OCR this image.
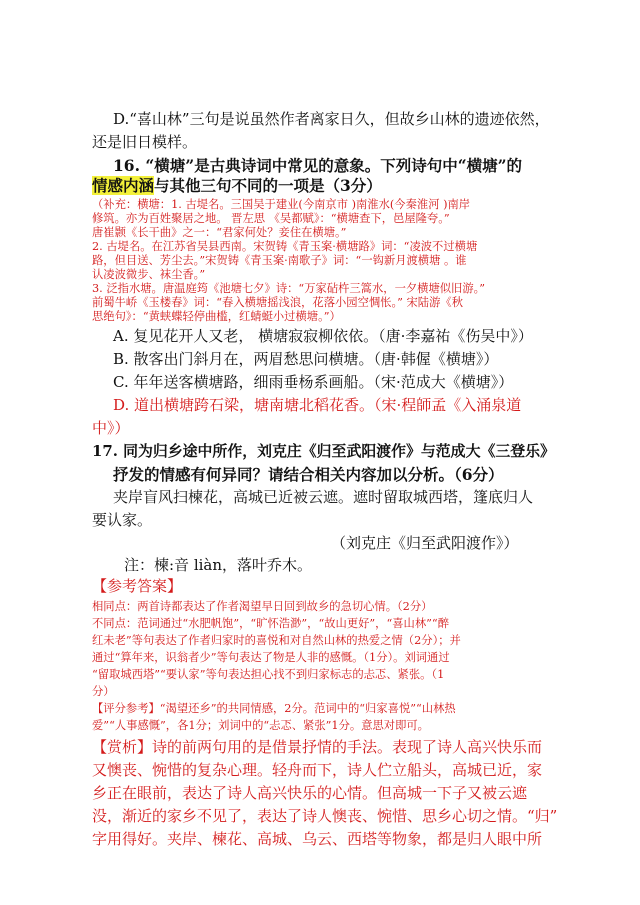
D.“喜山林”三句是说虽然作者离家日久，但故乡山林的遗迹依然，

还是旧日模样。

16. “横塘”是古典诗词中常见的意象。下列诗句中“横塘”的

情感内涵与其他三句不同的一项是（3分）

（补充：横塘：1. 古堤名。三国吴于建业(今南京市 )南淮水(今秦淮河 )南岸

修筑。亦为百姓聚居之地。 晋左思 《吴都赋》：“横塘查下，邑屋隆夸。”

唐崔颢《长干曲》之一：“君家何处？妾住在横塘。”

2. 古堤名。在江苏省吴县西南。宋贺铸《青玉案·横塘路》词：“凌波不过横塘

路，但目送、芳尘去。”宋贺铸《青玉案·南歌子》词：“一钩新月渡横塘 。谁

认凌波微步、袜尘香。”

3. 泛指水塘。唐温庭筠《池塘七夕》诗：“万家砧杵三篙水，一夕横塘似旧游。”

前蜀牛峤《玉楼春》词：“春入横塘摇浅浪，花落小园空惆怅。” 宋陆游《秋

思绝句》：“黄蛱蝶轻停曲槛，红蜻蜓小过横塘。”）

A. 复见花开人又老， 横塘寂寂柳依依。（唐·李嘉祐《伤吴中》）

B. 散客出门斜月在，两眉愁思问横塘。（唐·韩偓《横塘》）

C. 年年送客横塘路，细雨垂杨系画船。（宋·范成大《横塘》）

D. 道出横塘跨石梁，塘南塘北稻花香。（宋·程師孟《入涌泉道

中》）

17. 同为归乡途中所作，刘克庄《归至武阳渡作》与范成大《三登乐》

抒发的情感有何异同？请结合相关内容加以分析。（6分）

夹岸盲风扫楝花，高城已近被云遮。遮时留取城西塔，篷底归人

要认家。

（刘克庄《归至武阳渡作》）

注：楝:音 liàn，落叶乔木。

【参考答案】

相同点：两首诗都表达了作者渴望早日回到故乡的急切心情。（2分）

不同点：范词通过“水肥帆饱”，“旷怀浩渺”，“故山更好”，“喜山林”“醉

红未老”等句表达了作者归家时的喜悦和对自然山林的热爱之情（2分）；并

通过“算年来，识翁者少”等句表达了物是人非的感慨。（1分）。刘词通过

“留取城西塔”“要认家”等句表达担心找不到归家标志的忐忑、紧张。（1

分）

【评分参考】“渴望还乡”的共同情感，2分。范词中的“归家喜悦”“山林热

爱”“人事感慨”，各1分；刘词中的“忐忑、紧张”1分。意思对即可。

【赏析】诗的前两句用的是借景抒情的手法。表现了诗人高兴快乐而

又懊丧、惋惜的复杂心理。轻舟而下，诗人伫立船头，高城已近，家

乡正在眼前，表达了诗人高兴快乐的心情。但高城一下子又被云遮

没，渐近的家乡不见了，表达了诗人懊丧、惋惜、思乡心切之情。“归”

字用得好。夹岸、楝花、高城、乌云、西塔等物象，都是归人眼中所
